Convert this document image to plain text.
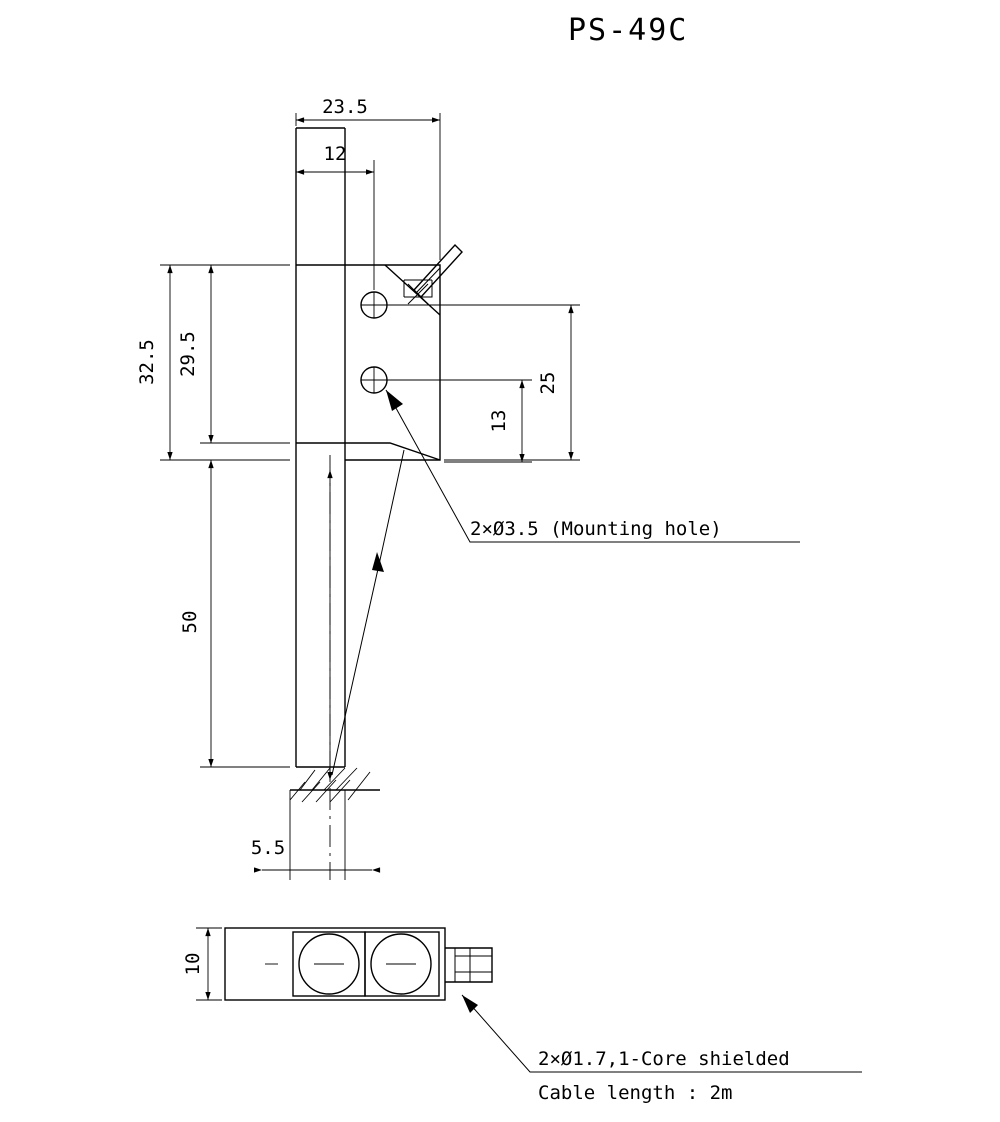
PS-49C
23.5
12
32.5 29.5
25
13
50
5.5
2×Ø3.5 (Mounting hole)
10
2×Ø1.7,1-Core shielded
Cable length : 2m
